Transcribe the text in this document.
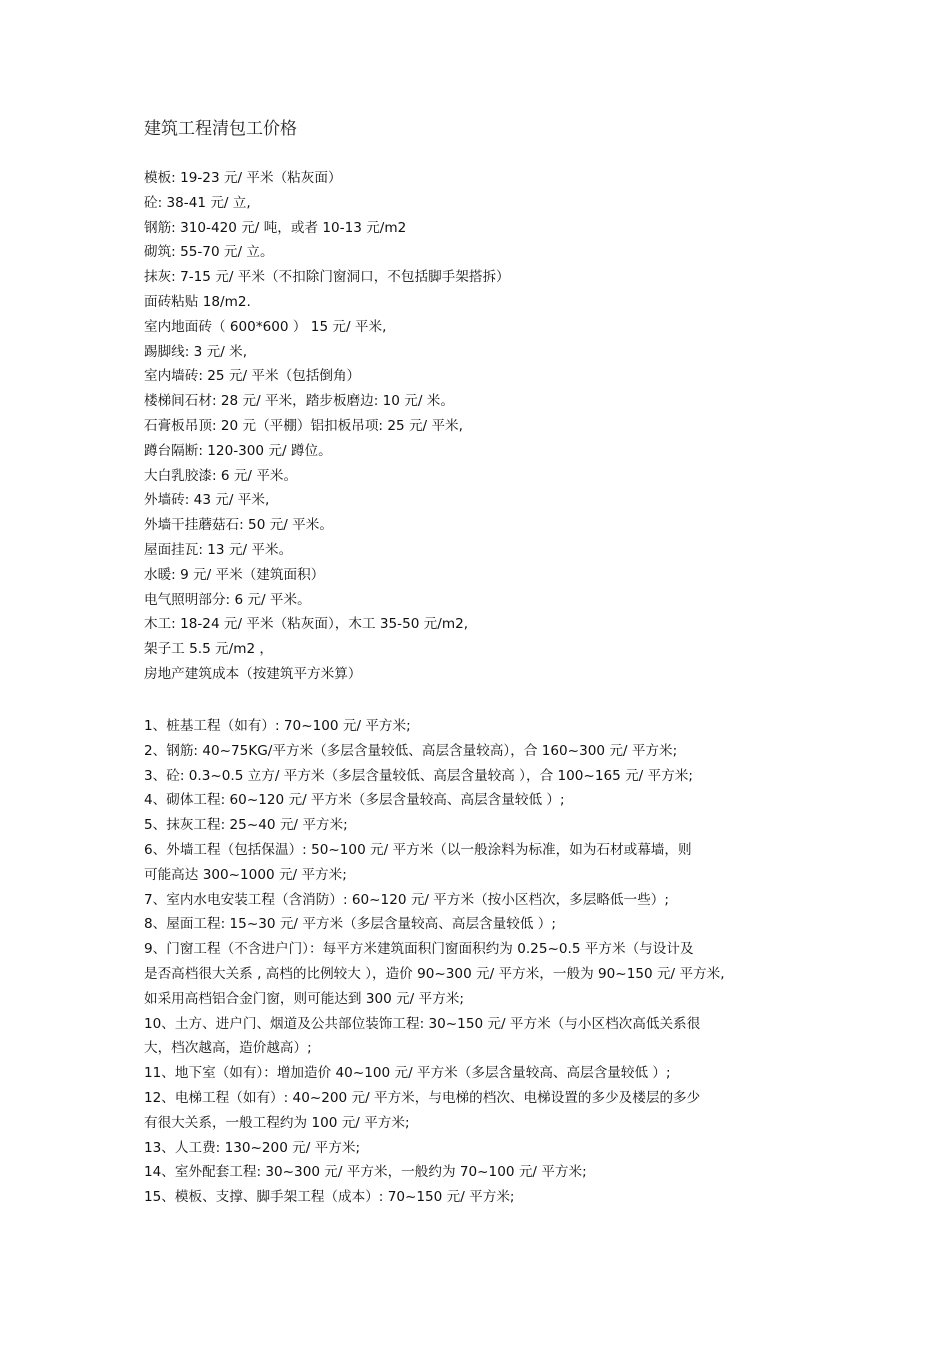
建筑工程清包工价格
模板: 19-23 元/ 平米（粘灰面）
砼: 38-41 元/ 立,
钢筋: 310-420 元/ 吨，或者 10-13 元/m2
砌筑: 55-70 元/ 立。
抹灰: 7-15 元/ 平米（不扣除门窗洞口，不包括脚手架搭拆）
面砖粘贴 18/m2.
室内地面砖（ 600*600 ） 15 元/ 平米,
踢脚线: 3 元/ 米,
室内墙砖: 25 元/ 平米（包括倒角）
楼梯间石材: 28 元/ 平米，踏步板磨边: 10 元/ 米。
石膏板吊顶: 20 元（平棚）铝扣板吊项: 25 元/ 平米,
蹲台隔断: 120-300 元/ 蹲位。
大白乳胶漆: 6 元/ 平米。
外墙砖: 43 元/ 平米,
外墙干挂蘑菇石: 50 元/ 平米。
屋面挂瓦: 13 元/ 平米。
水暖: 9 元/ 平米（建筑面积）
电气照明部分: 6 元/ 平米。
木工: 18-24 元/ 平米（粘灰面），木工 35-50 元/m2,
架子工 5.5 元/m2 ，
房地产建筑成本（按建筑平方米算）
1、桩基工程（如有）: 70~100 元/ 平方米;
2、钢筋: 40~75KG/平方米（多层含量较低、高层含量较高），合 160~300 元/ 平方米;
3、砼: 0.3~0.5 立方/ 平方米（多层含量较低、高层含量较高 ），合 100~165 元/ 平方米;
4、砌体工程: 60~120 元/ 平方米（多层含量较高、高层含量较低 ）;
5、抹灰工程: 25~40 元/ 平方米;
6、外墙工程（包括保温）: 50~100 元/ 平方米（以一般涂料为标准，如为石材或幕墙，则
可能高达 300~1000 元/ 平方米;
7、室内水电安装工程（含消防）: 60~120 元/ 平方米（按小区档次，多层略低一些）;
8、屋面工程: 15~30 元/ 平方米（多层含量较高、高层含量较低 ）;
9、门窗工程（不含进户门）：每平方米建筑面积门窗面积约为 0.25~0.5 平方米（与设计及
是否高档很大关系 , 高档的比例较大 ），造价 90~300 元/ 平方米，一般为 90~150 元/ 平方米,
如采用高档铝合金门窗，则可能达到 300 元/ 平方米;
10、土方、进户门、烟道及公共部位装饰工程: 30~150 元/ 平方米（与小区档次高低关系很
大，档次越高，造价越高）;
11、地下室（如有）：增加造价 40~100 元/ 平方米（多层含量较高、高层含量较低 ）;
12、电梯工程（如有）: 40~200 元/ 平方米，与电梯的档次、电梯设置的多少及楼层的多少
有很大关系，一般工程约为 100 元/ 平方米;
13、人工费: 130~200 元/ 平方米;
14、室外配套工程: 30~300 元/ 平方米，一般约为 70~100 元/ 平方米;
15、模板、支撑、脚手架工程（成本）: 70~150 元/ 平方米;
